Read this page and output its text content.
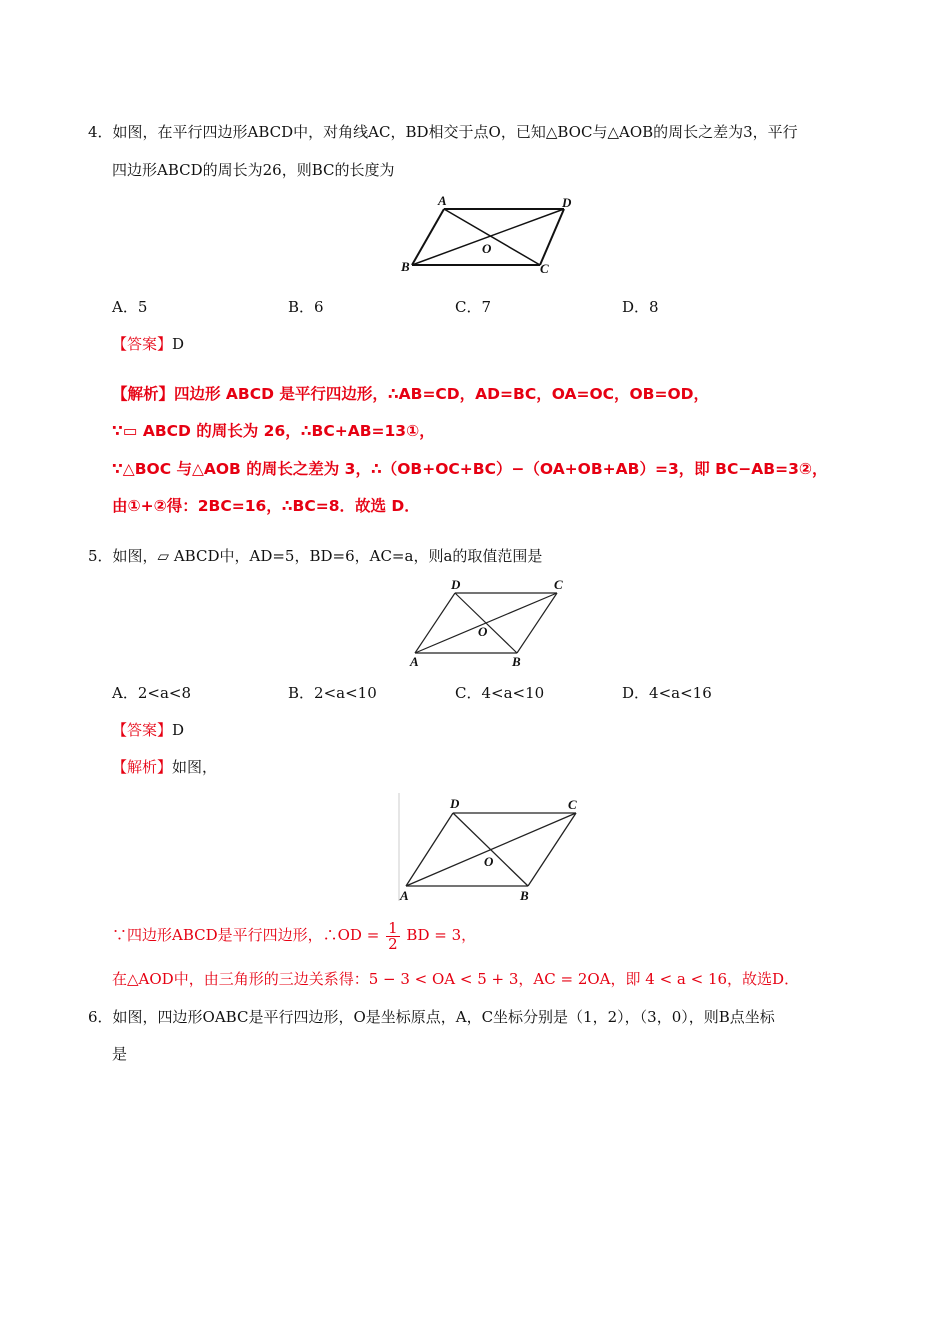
4．如图，在平行四边形ABCD中，对角线AC，BD相交于点O，已知△BOC与△AOB的周长之差为3，平行
四边形ABCD的周长为26，则BC的长度为
A	D
B	C
O
A．5	B．6	C．7	D．8
【答案】D
【解析】四边形 ABCD 是平行四边形，∴AB=CD，AD=BC，OA=OC，OB=OD，
∵▭ ABCD 的周长为 26，∴BC+AB=13①，
∵△BOC 与△AOB 的周长之差为 3，∴（OB+OC+BC）−（OA+OB+AB）=3，即 BC−AB=3②，
由①+②得：2BC=16，∴BC=8．故选 D．
5．如图，▱ ABCD中，AD=5，BD=6，AC=a，则a的取值范围是
D	C
A	B
O
A．2<a<8	B．2<a<10	C．4<a<10	D．4<a<16
【答案】D
【解析】如图，
D	C
A	B
O
∵四边形ABCD是平行四边形，∴OD = $\frac{1}{2}$ BD = 3，
在△AOD中，由三角形的三边关系得：5 − 3 < OA < 5 + 3，AC = 2OA，即 4 < a < 16，故选D．
6．如图，四边形OABC是平行四边形，O是坐标原点，A，C坐标分别是（1，2），（3，0），则B点坐标
是
